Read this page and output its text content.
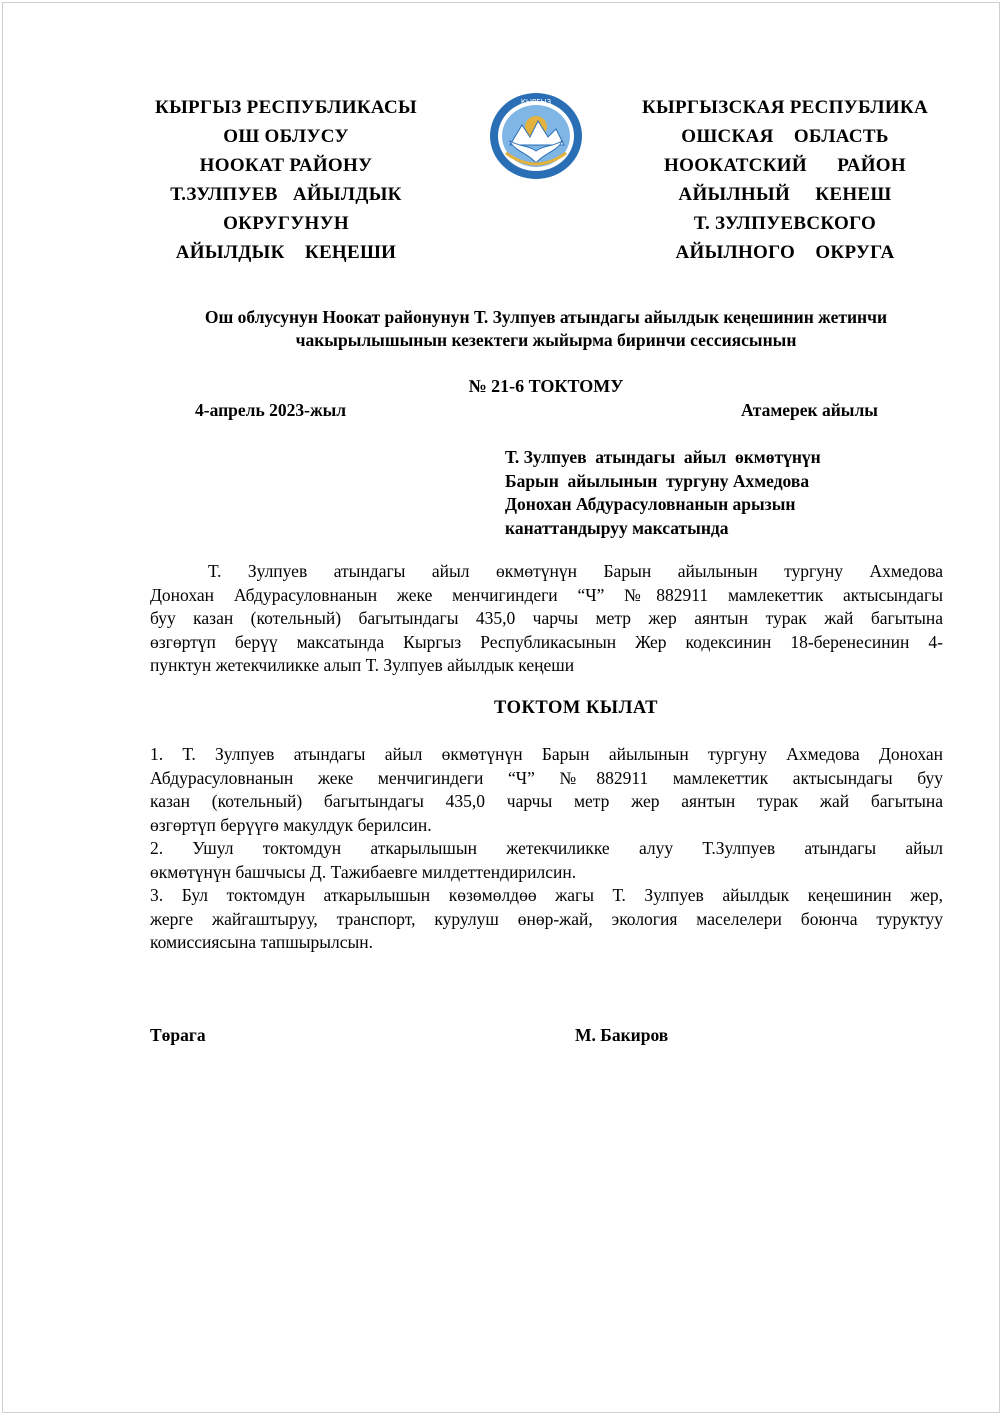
КЫРГЫЗ РЕСПУБЛИКАСЫ
ОШ ОБЛУСУ
НООКАТ РАЙОНУ
Т.ЗУЛПУЕВ   АЙЫЛДЫК
ОКРУГУНУН
АЙЫЛДЫК    КЕҢЕШИ
КЫРГЫЗ	КЫРГЫЗСКАЯ РЕСПУБЛИКА
ОШСКАЯ    ОБЛАСТЬ
НООКАТСКИЙ      РАЙОН
АЙЫЛНЫЙ     КЕНЕШ
Т. ЗУЛПУЕВСКОГО
АЙЫЛНОГО    ОКРУГА
Ош облусунун Ноокат районунун Т. Зулпуев атындагы айылдык кеңешинин жетинчи
чакырылышынын кезектеги жыйырма биринчи сессиясынын
№ 21-6 ТОКТОМУ
4-апрель 2023-жыл	Атамерек айылы
Т. Зулпуев  атындагы  айыл  өкмөтүнүн
Барын  айылынын  тургуну Ахмедова
Донохан Абдурасуловнанын арызын
канаттандыруу максатында
Т. Зулпуев атындагы айыл өкмөтүнүн Барын айылынын тургуну Ахмедова
Донохан Абдурасуловнанын жеке менчигиндеги “Ч” №882911 мамлекеттик актысындагы
буу казан (котельный) багытындагы 435,0 чарчы метр жер аянтын турак жай багытына
өзгөртүп берүү максатында Кыргыз Республикасынын Жер кодексинин 18-беренесинин 4-
пунктун жетекчиликке алып Т. Зулпуев айылдык кеңеши
ТОКТОМ КЫЛАТ
1. Т. Зулпуев атындагы айыл өкмөтүнүн Барын айылынын тургуну Ахмедова Донохан
Абдурасуловнанын жеке менчигиндеги “Ч” №882911 мамлекеттик актысындагы буу
казан (котельный) багытындагы 435,0 чарчы метр жер аянтын турак жай багытына
өзгөртүп берүүгө макулдук берилсин.
2. Ушул токтомдун аткарылышын жетекчиликке алуу Т.Зулпуев атындагы айыл
өкмөтүнүн башчысы Д. Тажибаевге милдеттендирилсин.
3. Бул токтомдун аткарылышын көзөмөлдөө жагы Т. Зулпуев айылдык кеңешинин жер,
жерге жайгаштыруу, транспорт, курулуш өнөр-жай, экология маселелери боюнча туруктуу
комиссиясына тапшырылсын.
Төрага	М. Бакиров
